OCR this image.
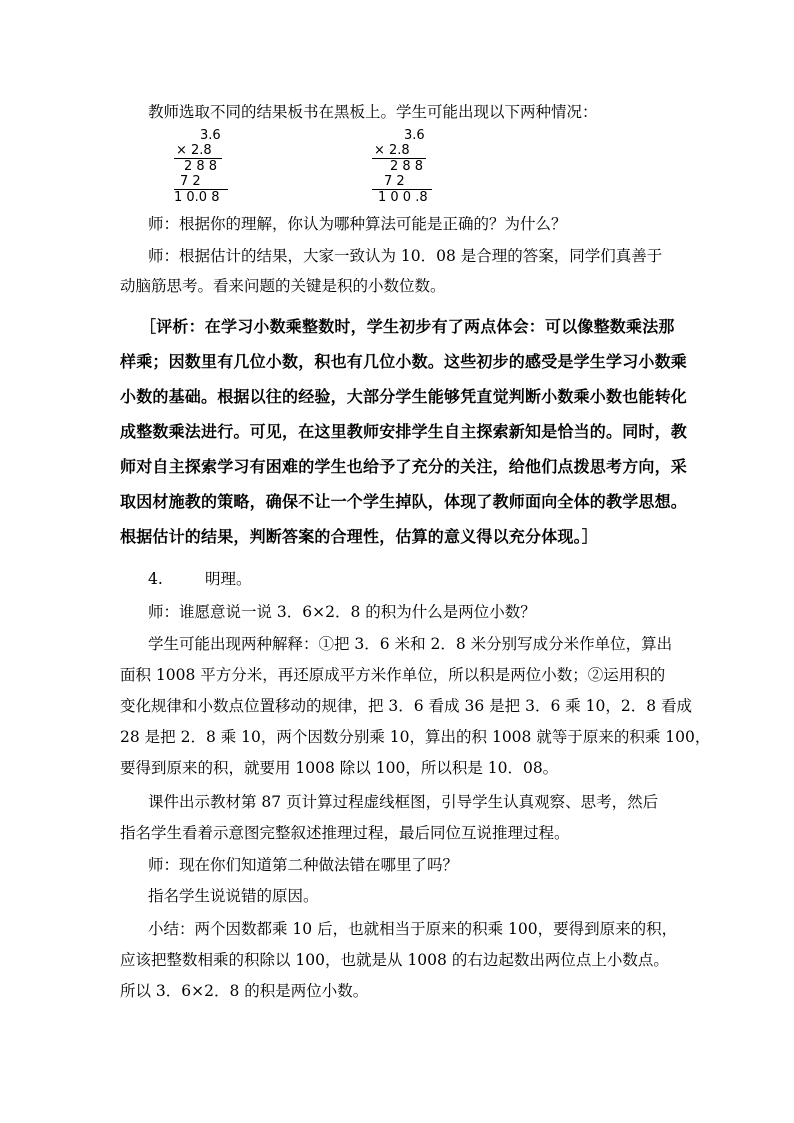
教师选取不同的结果板书在黑板上。学生可能出现以下两种情况：
3.6
× 2.8
2 8 8
7 2
1 0.0 8
3.6
× 2.8
2 8 8
7 2
1 0 0 .8
师：根据你的理解，你认为哪种算法可能是正确的？为什么？
师：根据估计的结果，大家一致认为 10．08 是合理的答案，同学们真善于
动脑筋思考。看来问题的关键是积的小数位数。
［评析：在学习小数乘整数时，学生初步有了两点体会：可以像整数乘法那
样乘；因数里有几位小数，积也有几位小数。这些初步的感受是学生学习小数乘
小数的基础。根据以往的经验，大部分学生能够凭直觉判断小数乘小数也能转化
成整数乘法进行。可见，在这里教师安排学生自主探索新知是恰当的。同时，教
师对自主探索学习有困难的学生也给予了充分的关注，给他们点拨思考方向，采
取因材施教的策略，确保不让一个学生掉队，体现了教师面向全体的教学思想。
根据估计的结果，判断答案的合理性，估算的意义得以充分体现。］
4.	明理。
师：谁愿意说一说 3．6×2．8 的积为什么是两位小数？
学生可能出现两种解释：①把 3．6 米和 2．8 米分别写成分米作单位，算出
面积 1008 平方分米，再还原成平方米作单位，所以积是两位小数；②运用积的
变化规律和小数点位置移动的规律，把 3．6 看成 36 是把 3．6 乘 10，2．8 看成
28 是把 2．8 乘 10，两个因数分别乘 10，算出的积 1008 就等于原来的积乘 100，
要得到原来的积，就要用 1008 除以 100，所以积是 10．08。
课件出示教材第 87 页计算过程虚线框图，引导学生认真观察、思考，然后
指名学生看着示意图完整叙述推理过程，最后同位互说推理过程。
师：现在你们知道第二种做法错在哪里了吗？
指名学生说说错的原因。
小结：两个因数都乘 10 后，也就相当于原来的积乘 100，要得到原来的积，
应该把整数相乘的积除以 100，也就是从 1008 的右边起数出两位点上小数点。
所以 3．6×2．8 的积是两位小数。
